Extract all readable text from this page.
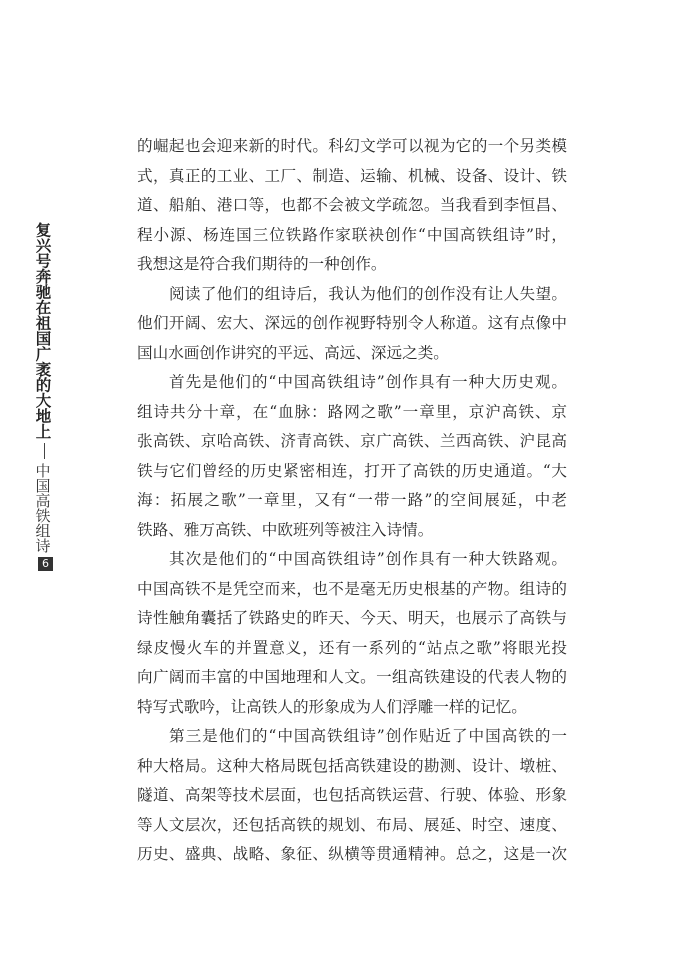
复兴号奔驰在祖国广袤的大地上
中国高铁组诗
6
的崛起也会迎来新的时代。科幻文学可以视为它的一个另类模
式，真正的工业、工厂、制造、运输、机械、设备、设计、铁
道、船舶、港口等，也都不会被文学疏忽。当我看到李恒昌、
程小源、杨连国三位铁路作家联袂创作“中国高铁组诗”时，
我想这是符合我们期待的一种创作。
阅读了他们的组诗后，我认为他们的创作没有让人失望。
他们开阔、宏大、深远的创作视野特别令人称道。这有点像中
国山水画创作讲究的平远、高远、深远之类。
首先是他们的“中国高铁组诗”创作具有一种大历史观。
组诗共分十章，在“血脉：路网之歌”一章里，京沪高铁、京
张高铁、京哈高铁、济青高铁、京广高铁、兰西高铁、沪昆高
铁与它们曾经的历史紧密相连，打开了高铁的历史通道。“大
海：拓展之歌”一章里，又有“一带一路”的空间展延，中老
铁路、雅万高铁、中欧班列等被注入诗情。
其次是他们的“中国高铁组诗”创作具有一种大铁路观。
中国高铁不是凭空而来，也不是毫无历史根基的产物。组诗的
诗性触角囊括了铁路史的昨天、今天、明天，也展示了高铁与
绿皮慢火车的并置意义，还有一系列的“站点之歌”将眼光投
向广阔而丰富的中国地理和人文。一组高铁建设的代表人物的
特写式歌吟，让高铁人的形象成为人们浮雕一样的记忆。
第三是他们的“中国高铁组诗”创作贴近了中国高铁的一
种大格局。这种大格局既包括高铁建设的勘测、设计、墩桩、
隧道、高架等技术层面，也包括高铁运营、行驶、体验、形象
等人文层次，还包括高铁的规划、布局、展延、时空、速度、
历史、盛典、战略、象征、纵横等贯通精神。总之，这是一次
